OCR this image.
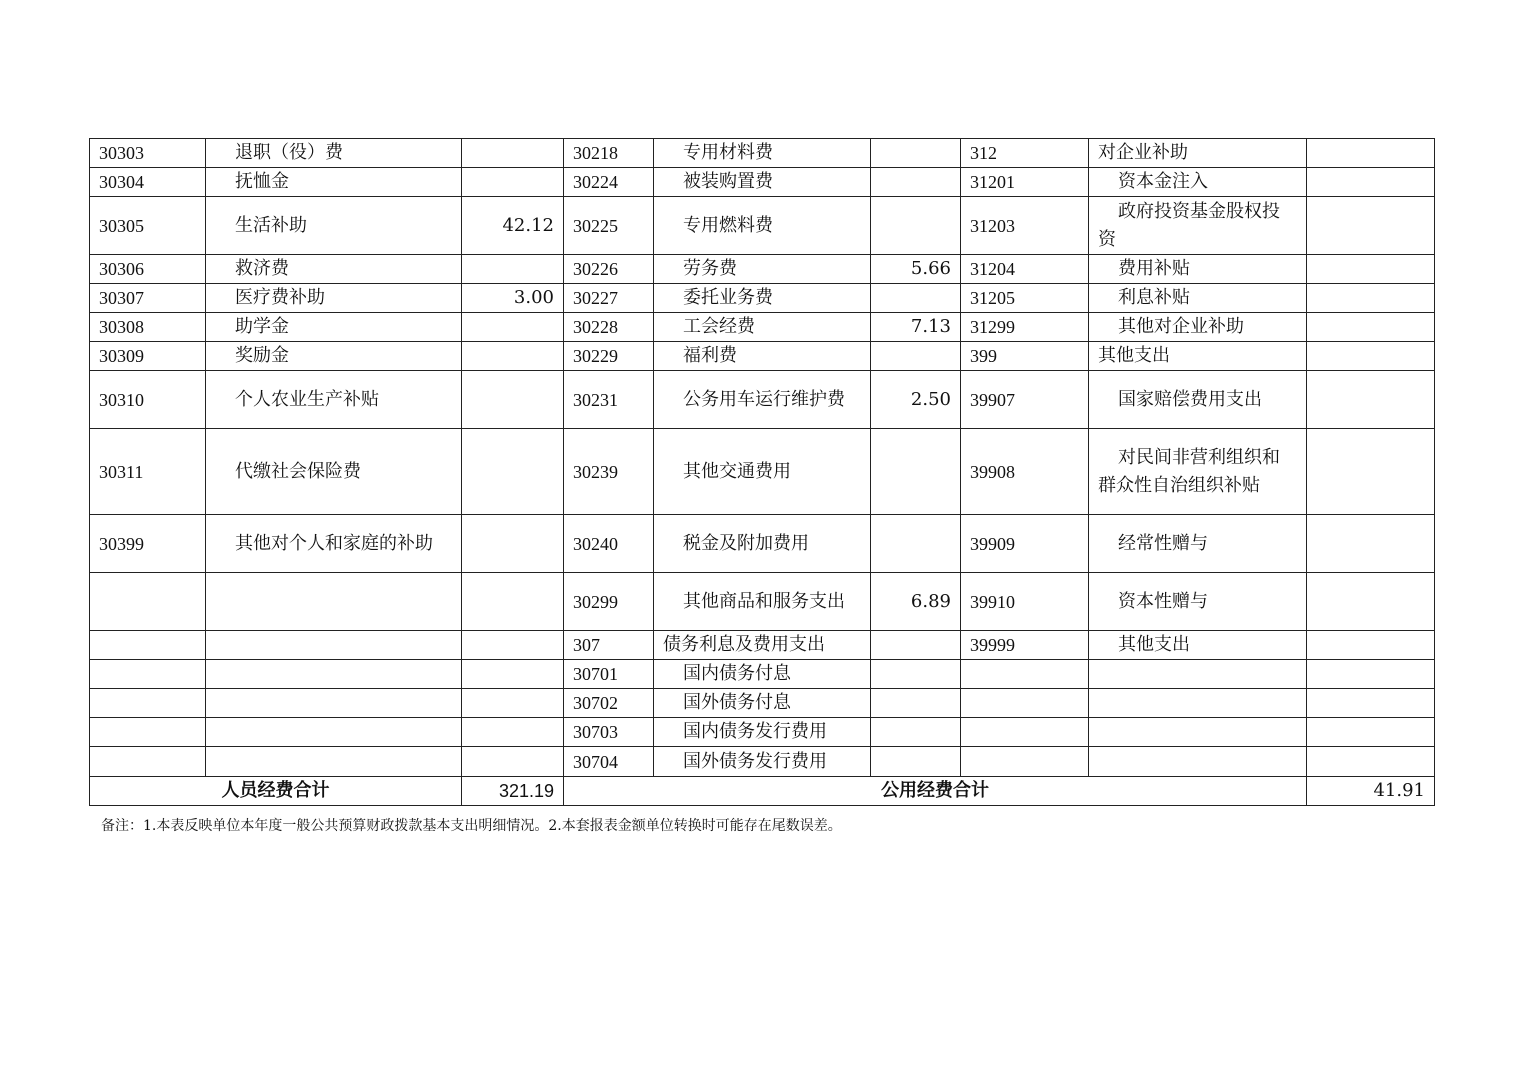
30303	退职（役）费		30218	专用材料费		312	对企业补助	
30304	抚恤金		30224	被装购置费		31201	资本金注入	
30305	生活补助	42.12	30225	专用燃料费		31203	政府投资基金股权投资	
30306	救济费		30226	劳务费	5.66	31204	费用补贴	
30307	医疗费补助	3.00	30227	委托业务费		31205	利息补贴	
30308	助学金		30228	工会经费	7.13	31299	其他对企业补助	
30309	奖励金		30229	福利费		399	其他支出	
30310	个人农业生产补贴		30231	公务用车运行维护费	2.50	39907	国家赔偿费用支出	
30311	代缴社会保险费		30239	其他交通费用		39908	对民间非营利组织和群众性自治组织补贴	
30399	其他对个人和家庭的补助		30240	税金及附加费用		39909	经常性赠与	
			30299	其他商品和服务支出	6.89	39910	资本性赠与	
			307	债务利息及费用支出		39999	其他支出	
			30701	国内债务付息				
			30702	国外债务付息				
			30703	国内债务发行费用				
			30704	国外债务发行费用				
人员经费合计		321.19	公用经费合计					41.91
备注：1.本表反映单位本年度一般公共预算财政拨款基本支出明细情况。2.本套报表金额单位转换时可能存在尾数误差。
